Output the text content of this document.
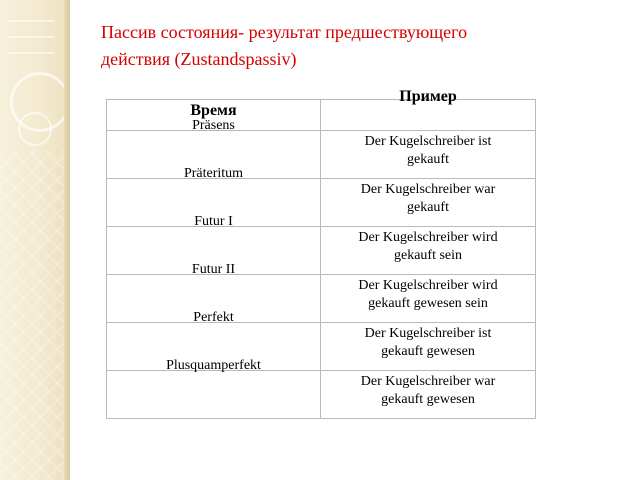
Пассив состояния- результат предшествующего
действия (Zustandspassiv)
Время	Пример

Präsens	Der Kugelschreiber ist
gekauft

Präteritum	Der Kugelschreiber war
gekauft

Futur I	Der Kugelschreiber wird
gekauft sein

Futur II	Der Kugelschreiber wird
gekauft gewesen sein

Perfekt	Der Kugelschreiber ist
gekauft gewesen

Plusquamperfekt	Der Kugelschreiber war
gekauft gewesen
